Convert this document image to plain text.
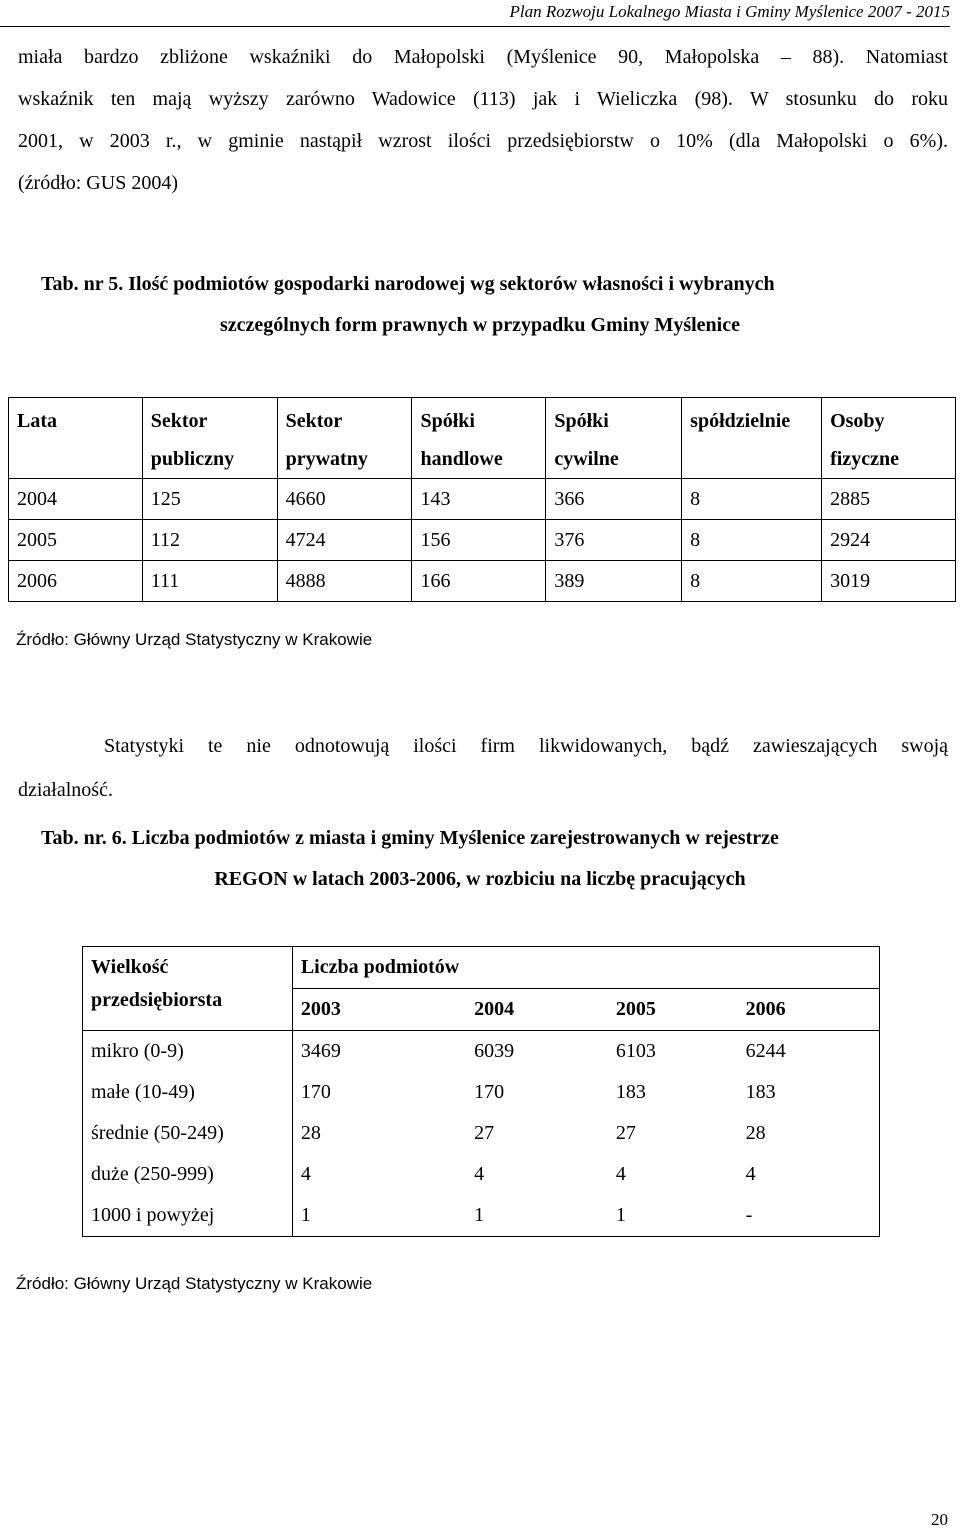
Plan Rozwoju Lokalnego Miasta i Gminy Myślenice 2007 - 2015
miała bardzo zbliżone wskaźniki do Małopolski (Myślenice 90, Małopolska – 88). Natomiast
wskaźnik ten mają wyższy zarówno Wadowice (113) jak i Wieliczka (98). W stosunku do roku
2001, w 2003 r., w gminie nastąpił wzrost ilości przedsiębiorstw o 10% (dla Małopolski o 6%).
(źródło: GUS 2004)
Tab. nr 5. Ilość podmiotów gospodarki narodowej wg sektorów własności i wybranych
szczególnych form prawnych w przypadku Gminy Myślenice
Lata	Sektor	Sektor	Spółki	Spółki	spółdzielnie	Osoby
	publiczny	prywatny	handlowe	cywilne		fizyczne
2004	125	4660	143	366	8	2885
2005	112	4724	156	376	8	2924
2006	111	4888	166	389	8	3019
Źródło: Główny Urząd Statystyczny w Krakowie
Statystyki te nie odnotowują ilości firm likwidowanych, bądź zawieszających swoją
działalność.
Tab. nr. 6. Liczba podmiotów z miasta i gminy Myślenice zarejestrowanych w rejestrze
REGON w latach 2003-2006, w rozbiciu na liczbę pracujących
Wielkość	Liczba podmiotów			
przedsiębiorsta	2003	2004	2005	2006
mikro (0-9)	3469	6039	6103	6244
małe (10-49)	170	170	183	183
średnie (50-249)	28	27	27	28
duże (250-999)	4	4	4	4
1000 i powyżej	1	1	1	-
Źródło: Główny Urząd Statystyczny w Krakowie
20
